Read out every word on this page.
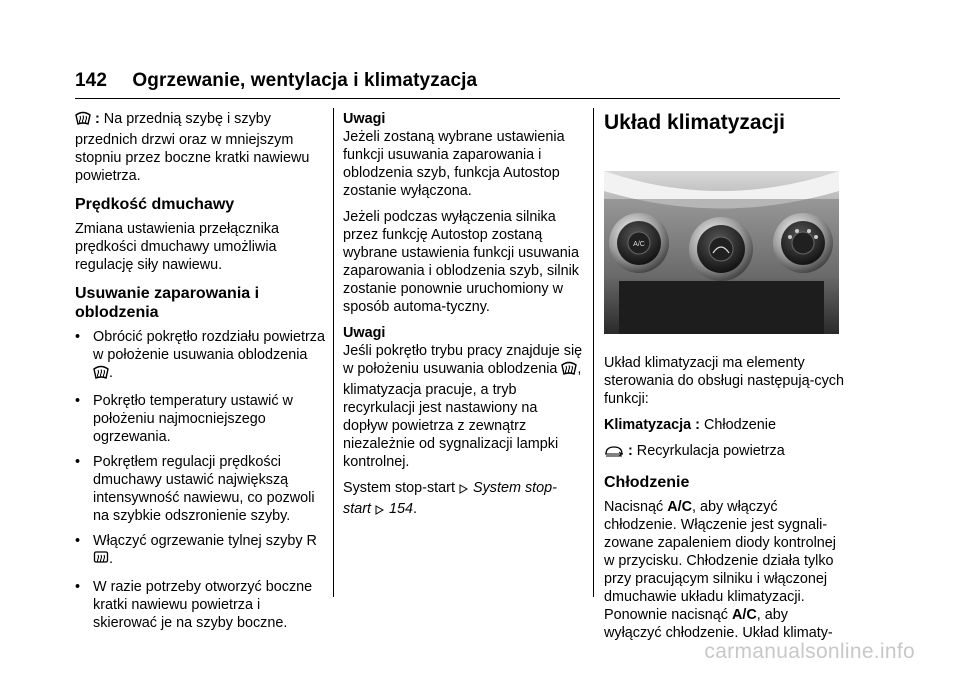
142 Ogrzewanie, wentylacja i klimatyzacja

: Na przednią szybę i szyby przednich drzwi oraz w mniejszym stopniu przez boczne kratki nawiewu powietrza.

Prędkość dmuchawy

Zmiana ustawienia przełącznika prędkości dmuchawy umożliwia regulację siły nawiewu.

Usuwanie zaparowania i oblodzenia
• Obrócić pokrętło rozdziału powietrza w położenie usuwania oblodzenia .
• Pokrętło temperatury ustawić w położeniu najmocniejszego ogrzewania.
• Pokrętłem regulacji prędkości dmuchawy ustawić największą intensywność nawiewu, co pozwoli na szybkie odszronienie szyby.
• Włączyć ogrzewanie tylnej szyby R .
• W razie potrzeby otworzyć boczne kratki nawiewu powietrza i skierować je na szyby boczne.
Uwagi

Jeżeli zostaną wybrane ustawienia funkcji usuwania zaparowania i oblodzenia szyb, funkcja Autostop zostanie wyłączona.

Jeżeli podczas wyłączenia silnika przez funkcję Autostop zostaną wybrane ustawienia funkcji usuwania zaparowania i oblodzenia szyb, silnik zostanie ponownie uruchomiony w sposób automa-tyczny.

Uwagi

Jeśli pokrętło trybu pracy znajduje się w położeniu usuwania oblodzenia , klimatyzacja pracuje, a tryb recyrkulacji jest nastawiony na dopływ powietrza z zewnątrz niezależnie od sygnalizacji lampki kontrolnej.

System stop-start System stop-start 154.

Układ klimatyzacji
A/C

Układ klimatyzacji ma elementy sterowania do obsługi następują-cych funkcji:

Klimatyzacja : Chłodzenie

: Recyrkulacja powietrza

Chłodzenie

Nacisnąć A/C, aby włączyć chłodzenie. Włączenie jest sygnali-zowane zapaleniem diody kontrolnej w przycisku. Chłodzenie działa tylko przy pracującym silniku i włączonej dmuchawie układu klimatyzacji. Ponownie nacisnąć A/C, aby wyłączyć chłodzenie. Układ klimaty-

carmanualsonline.info
